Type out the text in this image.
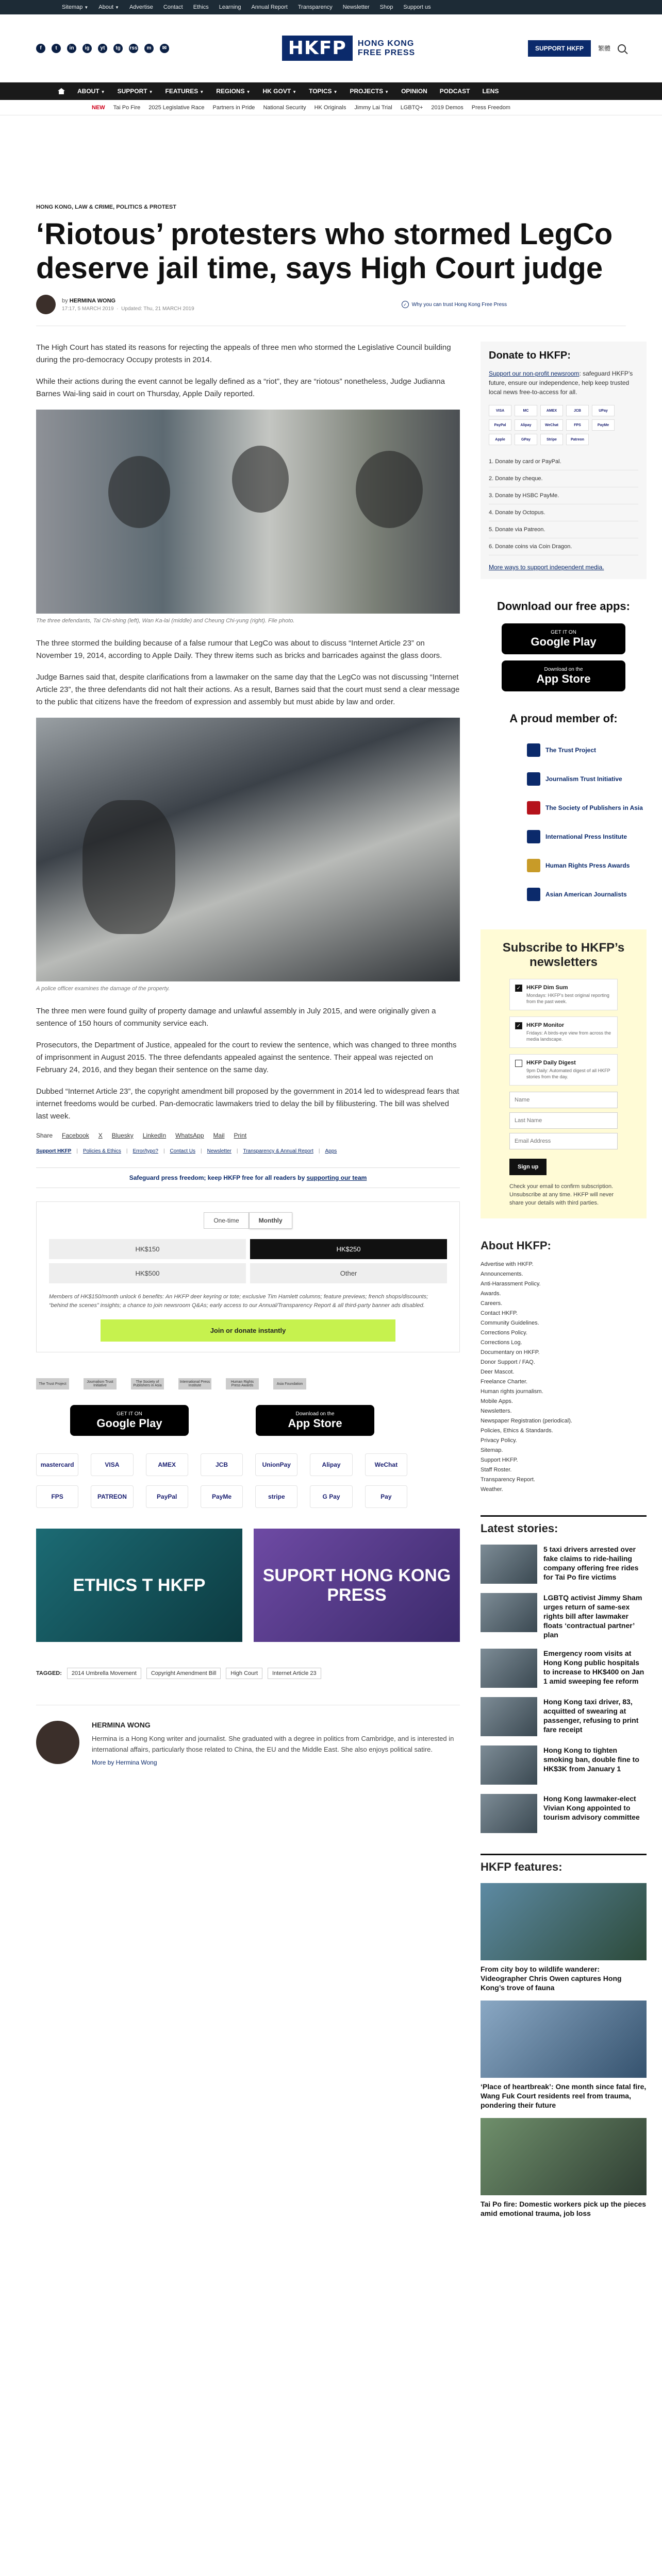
Sitemap ▼ About ▼ Advertise Contact Ethics Learning Annual Report Transparency Newsletter Shop Support us
f	t	in	ig	yt	tg	rss	m	✉	HKFP	HONG KONG
FREE PRESS	SUPPORT HKFP	繁體
ABOUT ▼ SUPPORT ▼ FEATURES ▼ REGIONS ▼ HK GOVT ▼ TOPICS ▼ PROJECTS ▼ OPINION PODCAST LENS
NEW Tai Po Fire 2025 Legislative Race Partners in Pride National Security HK Originals Jimmy Lai Trial LGBTQ+ 2019 Demos Press Freedom
HONG KONG, LAW & CRIME, POLITICS & PROTEST
‘Riotous’ protesters who stormed LegCo deserve jail time, says High Court judge
by HERMINA WONG
17:17, 5 MARCH 2019  ·  Updated: Thu, 21 MARCH 2019
✓ Why you can trust Hong Kong Free Press

The High Court has stated its reasons for rejecting the appeals of three men who stormed the Legislative Council building during the pro-democracy Occupy protests in 2014.

While their actions during the event cannot be legally defined as a “riot”, they are “riotous” nonetheless, Judge Judianna Barnes Wai-ling said in court on Thursday, Apple Daily reported.

The three defendants, Tai Chi-shing (left), Wan Ka-lai (middle) and Cheung Chi-yung (right). File photo.

The three stormed the building because of a false rumour that LegCo was about to discuss “Internet Article 23” on November 19, 2014, according to Apple Daily. They threw items such as bricks and barricades against the glass doors.

Judge Barnes said that, despite clarifications from a lawmaker on the same day that the LegCo was not discussing “Internet Article 23”, the three defendants did not halt their actions. As a result, Barnes said that the court must send a clear message to the public that citizens have the freedom of expression and assembly but must abide by law and order.

A police officer examines the damage of the property.

The three men were found guilty of property damage and unlawful assembly in July 2015, and were originally given a sentence of 150 hours of community service each.

Prosecutors, the Department of Justice, appealed for the court to review the sentence, which was changed to three months of imprisonment in August 2015. The three defendants appealed against the sentence. Their appeal was rejected on February 24, 2016, and they began their sentence on the same day.

Dubbed “Internet Article 23”, the copyright amendment bill proposed by the government in 2014 led to widespread fears that internet freedoms would be curbed. Pan-democratic lawmakers tried to delay the bill by filibustering. The bill was shelved last week.

Share Facebook X Bluesky LinkedIn WhatsApp Mail Print
Support HKFP | Policies & Ethics | Error/typo? | Contact Us | Newsletter | Transparency & Annual Report | Apps
Safeguard press freedom; keep HKFP free for all readers by supporting our team
One-time	Monthly
HK$150	HK$250
HK$500	Other
Members of HK$150/month unlock 6 benefits: An HKFP deer keyring or tote; exclusive Tim Hamlett columns; feature previews; french shops/discounts; “behind the scenes” insights; a chance to join newsroom Q&As; early access to our Annual/Transparency Report & all third-party banner ads disabled.
Join or donate instantly
The Trust Project	Journalism Trust Initiative
The Society of Publishers in Asia
International Press Institute
Human Rights Press Awards	Asia Foundation
GET IT ON
Google Play
Download on the
App Store
mastercard	VISA	AMEX	JCB	UnionPay	Alipay	WeChat
FPS	PATREON	PayPal	PayMe	stripe	G Pay	Pay
ETHICS T HKFP	SUPORT HONG KONG PRESS
TAGGED:	2014 Umbrella Movement	Copyright Amendment Bill	High Court	Internet Article 23
HERMINA WONG
Hermina is a Hong Kong writer and journalist. She graduated with a degree in politics from Cambridge, and is interested in international affairs, particularly those related to China, the EU and the Middle East. She also enjoys political satire.
More by Hermina Wong
Donate to HKFP:
Support our non-profit newsroom: safeguard HKFP’s future, ensure our independence, help keep trusted local news free-to-access for all.
VISA	MC	AMEX	JCB	UPay
PayPal	Alipay	WeChat	FPS	PayMe
Apple	GPay	Stripe	Patreon
1. Donate by card or PayPal.
2. Donate by cheque.
3. Donate by HSBC PayMe.
4. Donate by Octopus.
5. Donate via Patreon.
6. Donate coins via Coin Dragon.
More ways to support independent media.
Download our free apps:
GET IT ON
Google Play
Download on the
App Store
A proud member of:
The Trust Project
Journalism Trust Initiative
The Society of Publishers in Asia
International Press Institute
Human Rights Press Awards
Asian American Journalists
Subscribe to HKFP’s newsletters
✓ HKFP Dim Sum
Mondays: HKFP’s best original reporting from the past week.
✓ HKFP Monitor
Fridays: A birds-eye view from across the media landscape.
HKFP Daily Digest
9pm Daily: Automated digest of all HKFP stories from the day.
Name
Last Name
Email Address Sign up
Check your email to confirm subscription. Unsubscribe at any time. HKFP will never share your details with third parties.
About HKFP:
Advertise with HKFP.
Announcements.
Anti-Harassment Policy.
Awards.
Careers.
Contact HKFP.
Community Guidelines.
Corrections Policy.
Corrections Log.
Documentary on HKFP.
Donor Support / FAQ.
Deer Mascot.
Freelance Charter.
Human rights journalism.
Mobile Apps.
Newsletters.
Newspaper Registration (periodical).
Policies, Ethics & Standards.
Privacy Policy.
Sitemap.
Support HKFP.
Staff Roster.
Transparency Report.
Weather.
Latest stories:
5 taxi drivers arrested over fake claims to ride-hailing company offering free rides for Tai Po fire victims
LGBTQ activist Jimmy Sham urges return of same-sex rights bill after lawmaker floats ‘contractual partner’ plan
Emergency room visits at Hong Kong public hospitals to increase to HK$400 on Jan 1 amid sweeping fee reform
Hong Kong taxi driver, 83, acquitted of swearing at passenger, refusing to print fare receipt
Hong Kong to tighten smoking ban, double fine to HK$3K from January 1
Hong Kong lawmaker-elect Vivian Kong appointed to tourism advisory committee
HKFP features:
From city boy to wildlife wanderer: Videographer Chris Owen captures Hong Kong’s trove of fauna
‘Place of heartbreak’: One month since fatal fire, Wang Fuk Court residents reel from trauma, pondering their future
Tai Po fire: Domestic workers pick up the pieces amid emotional trauma, job loss
